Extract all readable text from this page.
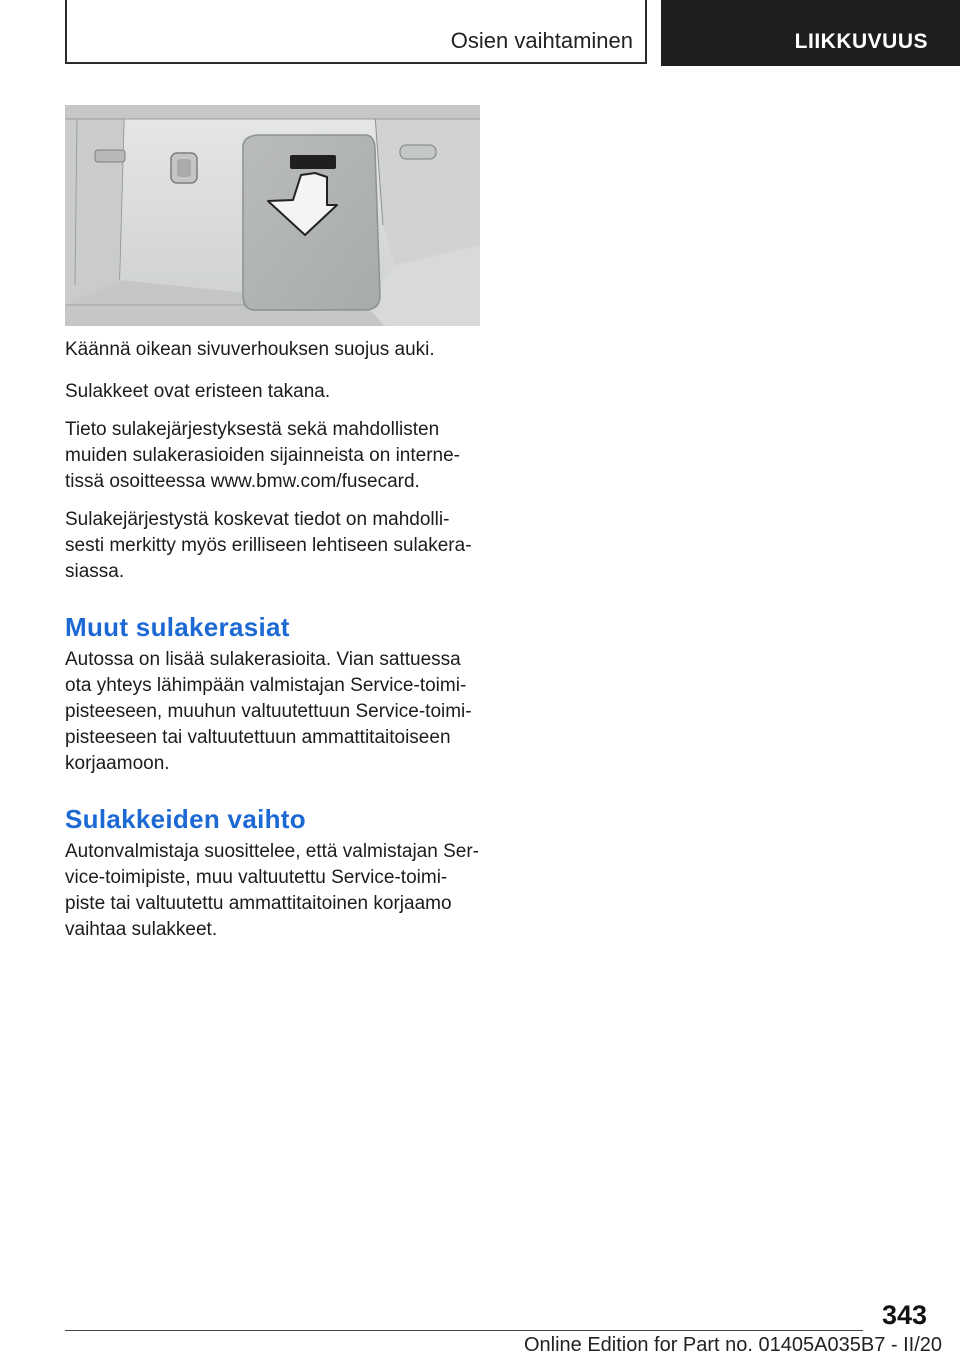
Osien vaihtaminen	LIIKKUVUUS

Käännä oikean sivuverhouksen suojus auki.

Sulakkeet ovat eristeen takana.

Tieto sulakejärjestyksestä sekä mahdollisten muiden sulakerasioiden sijainneista on interne‐ tissä osoitteessa www.bmw.com/fusecard.

Sulakejärjestystä koskevat tiedot on mahdolli‐ sesti merkitty myös erilliseen lehtiseen sulakera‐ siassa.

Muut sulakerasiat

Autossa on lisää sulakerasioita. Vian sattuessa ota yhteys lähimpään valmistajan Service-toimi‐ pisteeseen, muuhun valtuutettuun Service-toimi‐ pisteeseen tai valtuutettuun ammattitaitoiseen korjaamoon.

Sulakkeiden vaihto

Autonvalmistaja suosittelee, että valmistajan Ser‐ vice-toimipiste, muu valtuutettu Service-toimi‐ piste tai valtuutettu ammattitaitoinen korjaamo vaihtaa sulakkeet.

343
Online Edition for Part no. 01405A035B7 - II/20
